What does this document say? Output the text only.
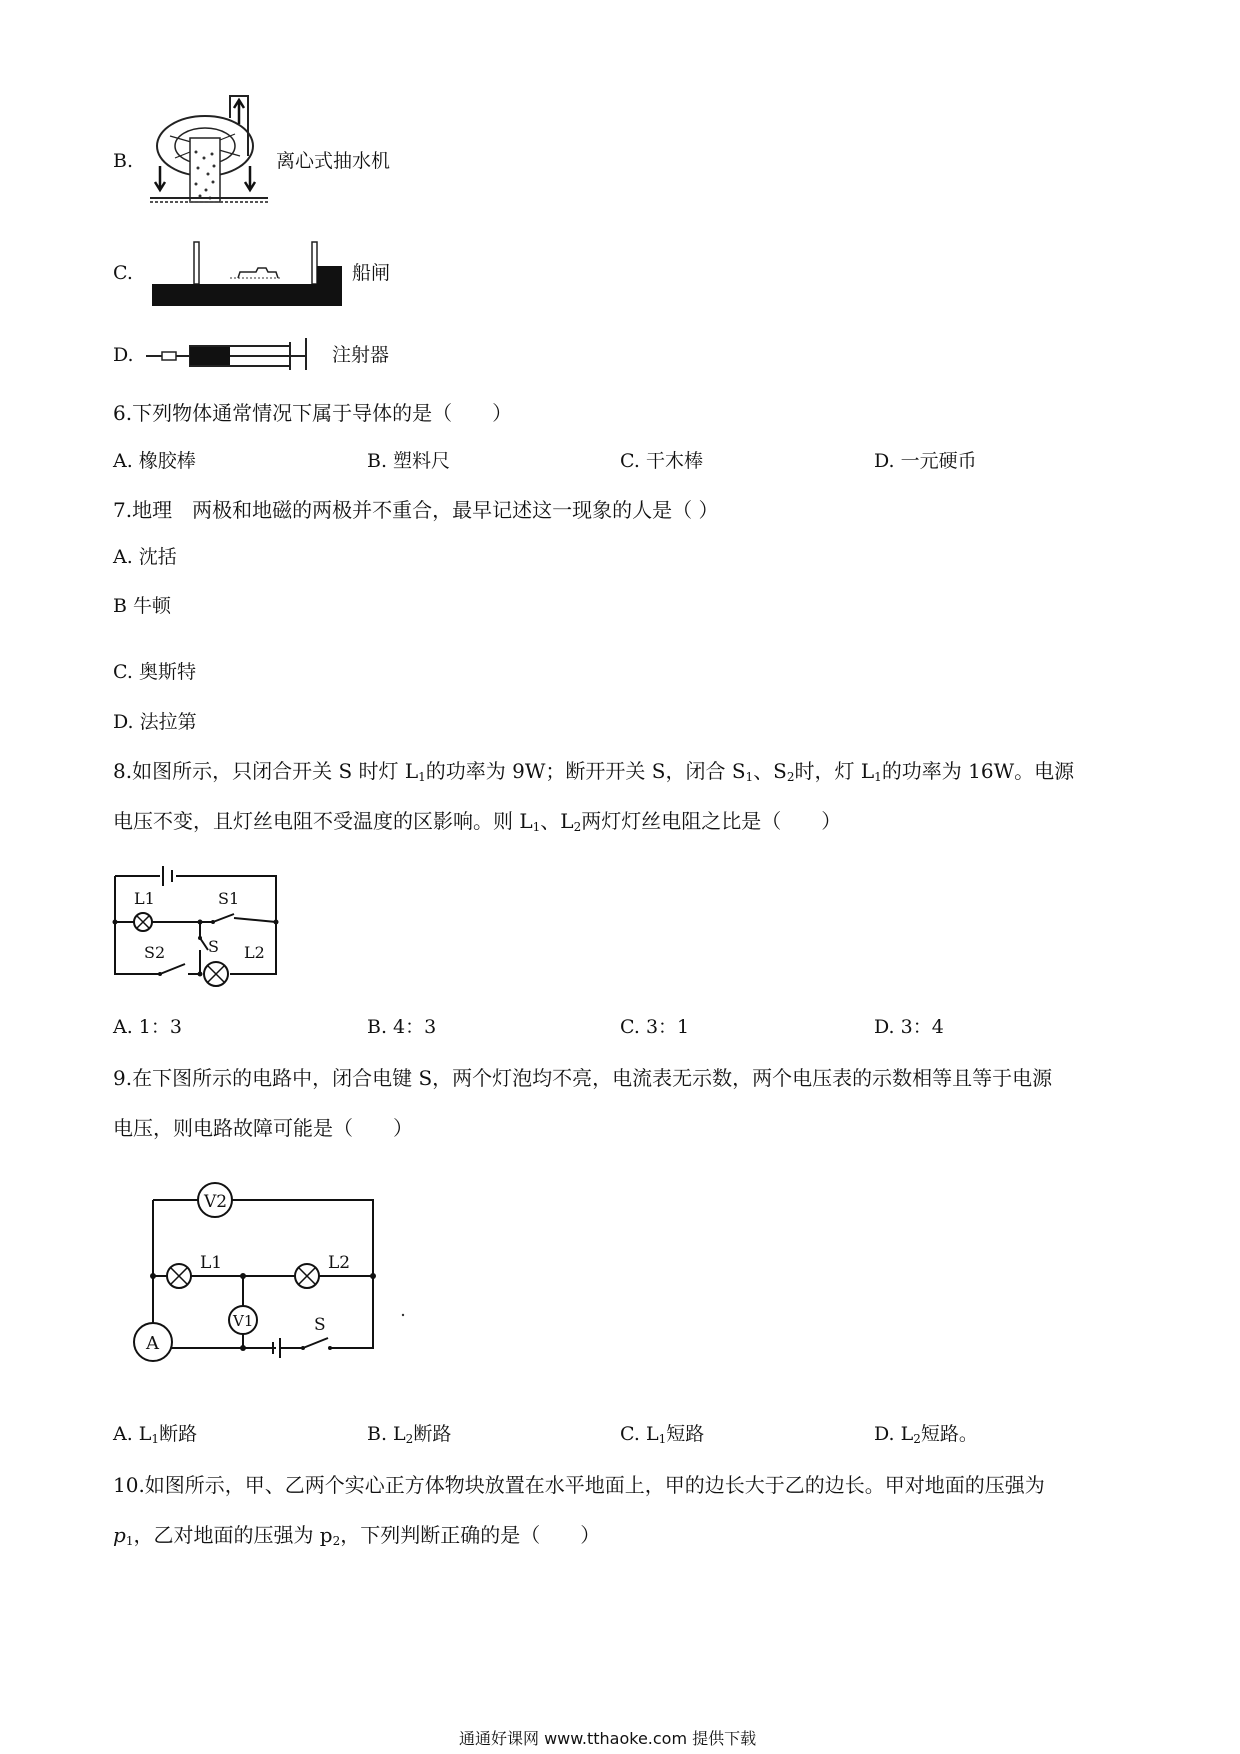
B.	离心式抽水机
C.	船闸
D.	注射器
6.下列物体通常情况下属于导体的是（　　）
A. 橡胶棒	B. 塑料尺	C. 干木棒	D. 一元硬币
7.地理　两极和地磁的两极并不重合，最早记述这一现象的人是（ ）
A. 沈括
B 牛顿
C. 奥斯特
D. 法拉第
8.如图所示，只闭合开关 S 时灯 $L_1$的功率为 9W；断开开关 S，闭合 $S_1$、$S_2$时，灯 $L_1$的功率为 16W。电源
电压不变，且灯丝电阻不受温度的区影响。则 $L_1$、$L_2$两灯灯丝电阻之比是（　　）
L1	S1
S
S2	L2
A. 1：3	B. 4：3	C. 3：1	D. 3：4
9.在下图所示的电路中，闭合电键 S，两个灯泡均不亮，电流表无示数，两个电压表的示数相等且等于电源
电压，则电路故障可能是（　　）
V2
L1	L2
A
V1	S
A. $L_1$断路	B. $L_2$断路	C. $L_1$短路	D. $L_2$短路。
10.如图所示，甲、乙两个实心正方体物块放置在水平地面上，甲的边长大于乙的边长。甲对地面的压强为
$p_1$，乙对地面的压强为 $p_2$，下列判断正确的是（　　）
通通好课网 www.tthaoke.com 提供下载
